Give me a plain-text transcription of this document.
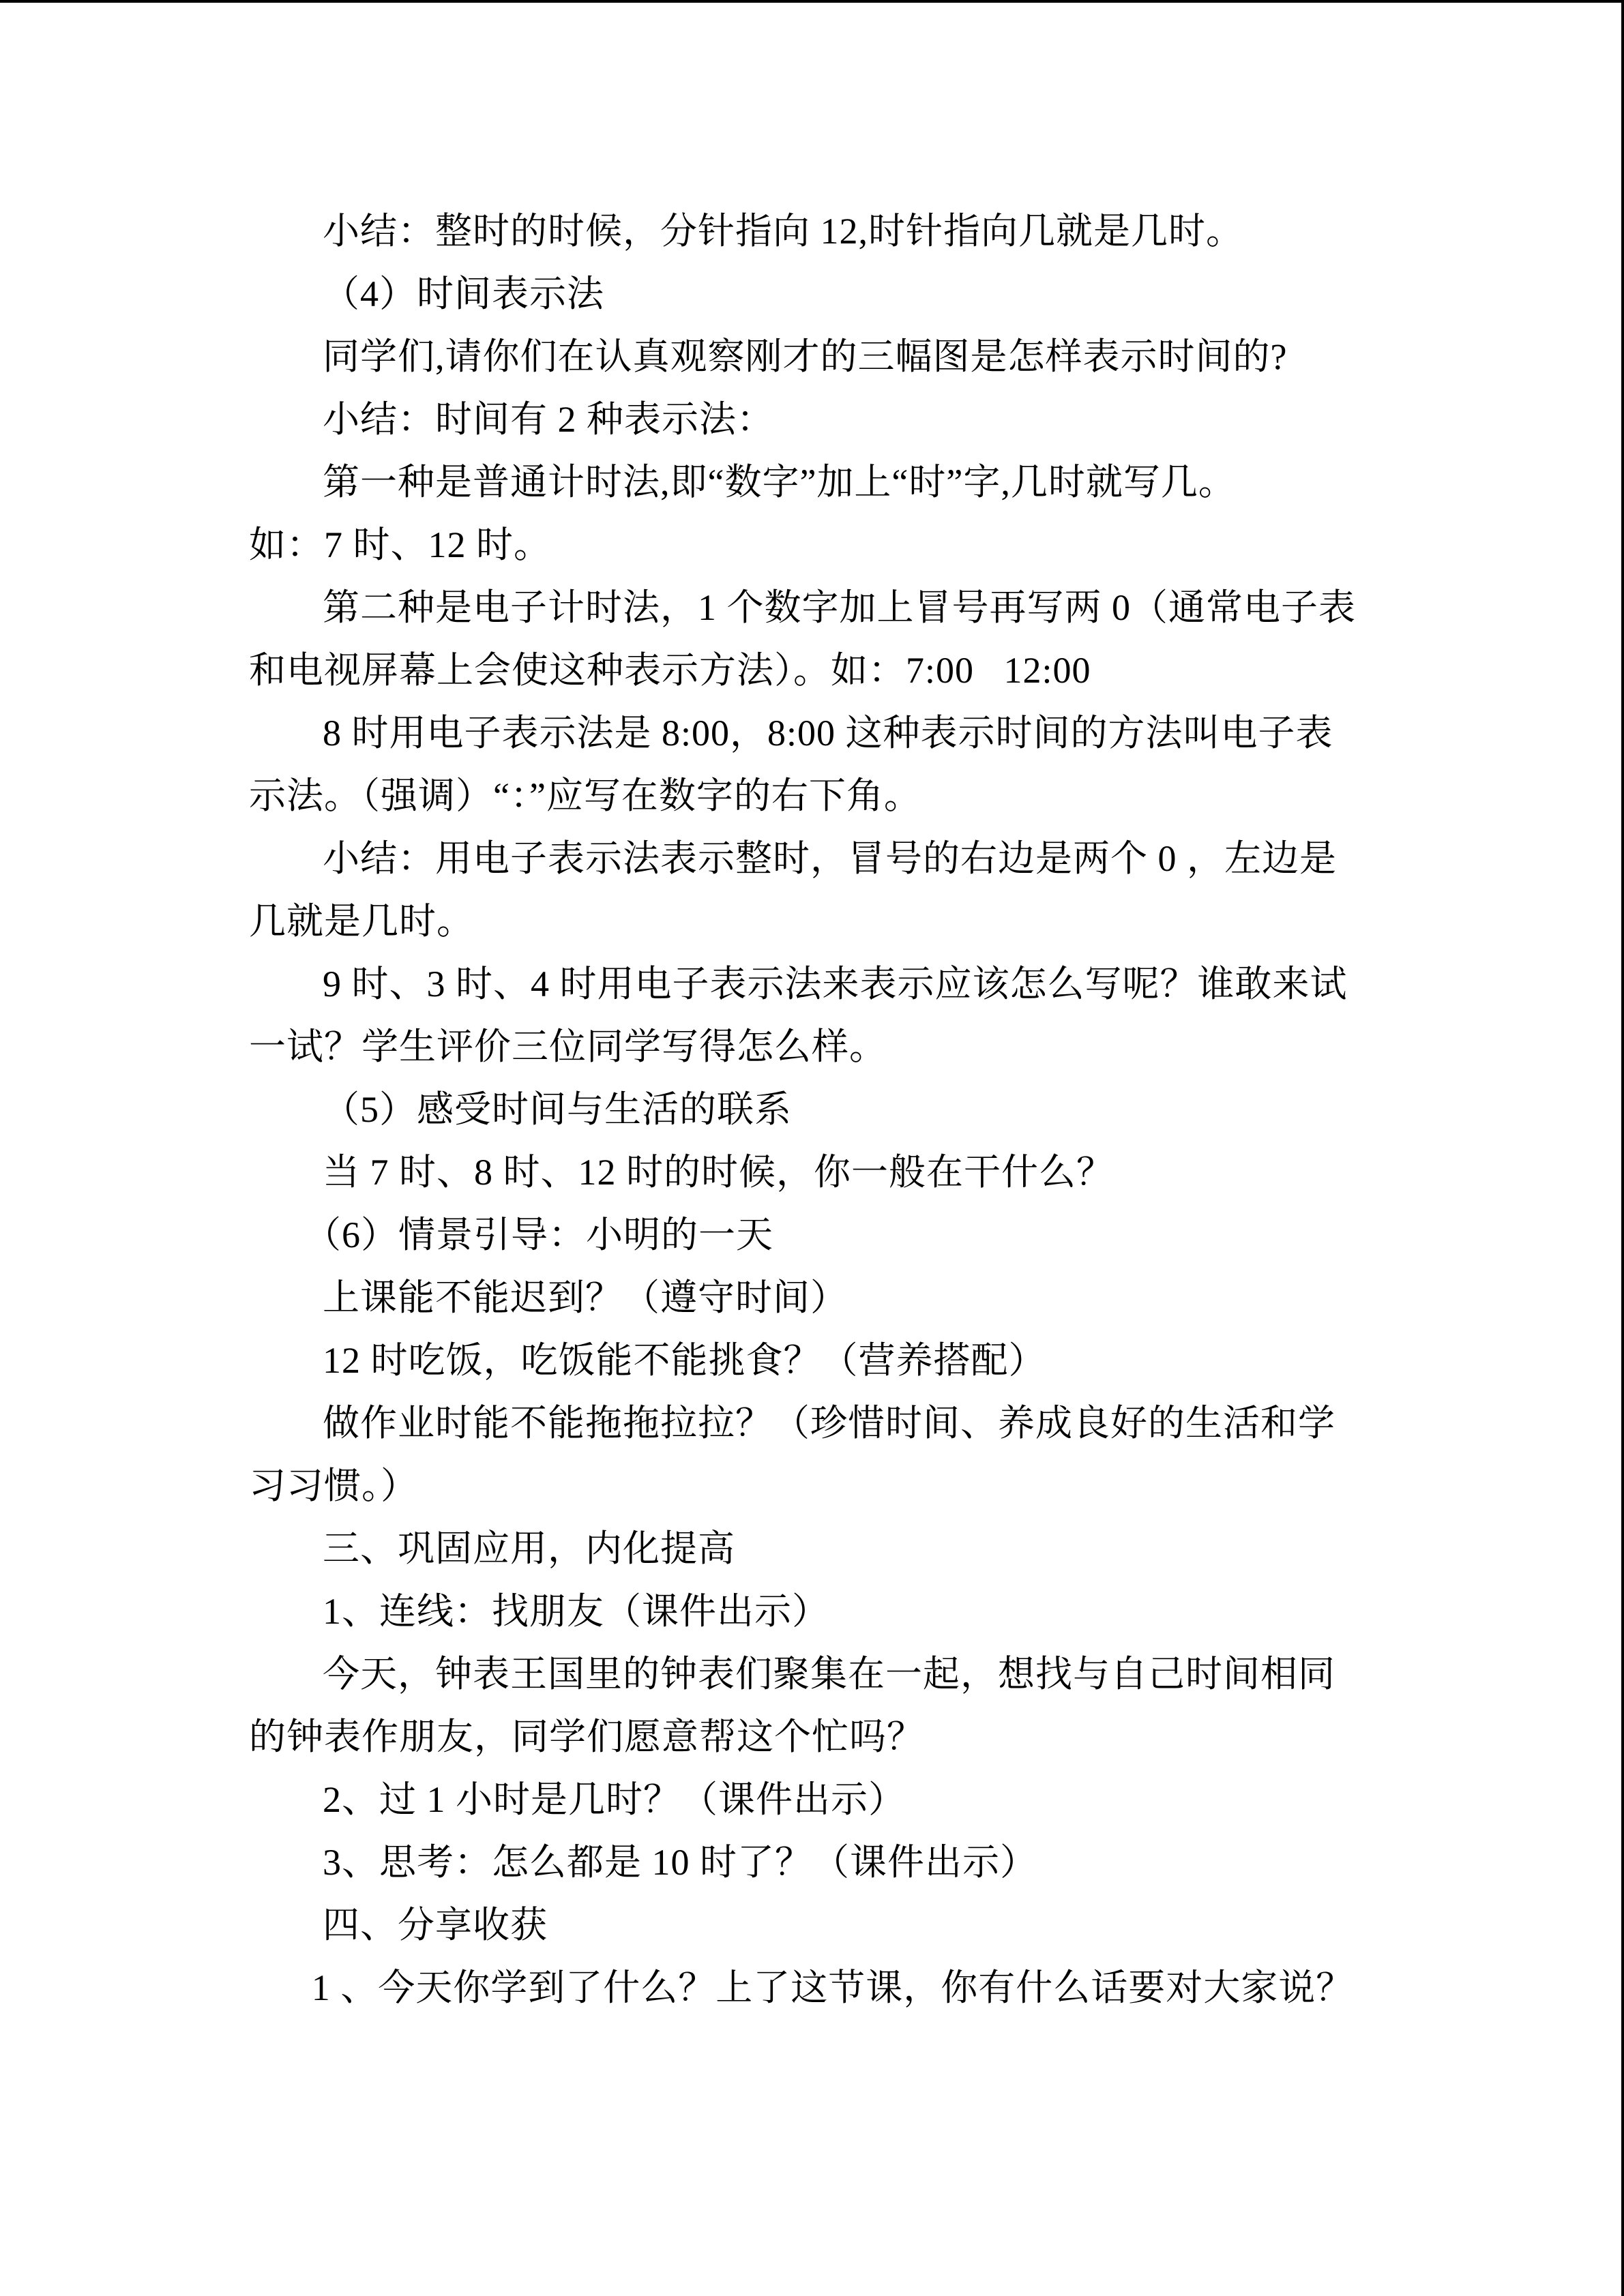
小结：整时的时候，分针指向 12,时针指向几就是几时。
（4）时间表示法
同学们,请你们在认真观察刚才的三幅图是怎样表示时间的?
小结：时间有 2 种表示法：
第一种是普通计时法,即“数字”加上“时”字,几时就写几。
如：7 时、12 时。
第二种是电子计时法，1 个数字加上冒号再写两 0（通常电子表
和电视屏幕上会使这种表示方法）。如：7:00   12:00
8 时用电子表示法是 8:00，8:00 这种表示时间的方法叫电子表
示法。（强调）“：”应写在数字的右下角。
小结：用电子表示法表示整时，冒号的右边是两个 0 ，左边是
几就是几时。
9 时、3 时、4 时用电子表示法来表示应该怎么写呢？谁敢来试
一试？学生评价三位同学写得怎么样。
（5）感受时间与生活的联系
当 7 时、8 时、12 时的时候，你一般在干什么？
（6）情景引导：小明的一天
上课能不能迟到？（遵守时间）
12 时吃饭，吃饭能不能挑食？（营养搭配）
做作业时能不能拖拖拉拉？（珍惜时间、养成良好的生活和学
习习惯。）
三、巩固应用，内化提高
1、连线：找朋友（课件出示）
今天，钟表王国里的钟表们聚集在一起，想找与自己时间相同
的钟表作朋友，同学们愿意帮这个忙吗？
2、过 1 小时是几时？（课件出示）
3、思考：怎么都是 10 时了？（课件出示）
四、分享收获
1 、今天你学到了什么？上了这节课，你有什么话要对大家说？
